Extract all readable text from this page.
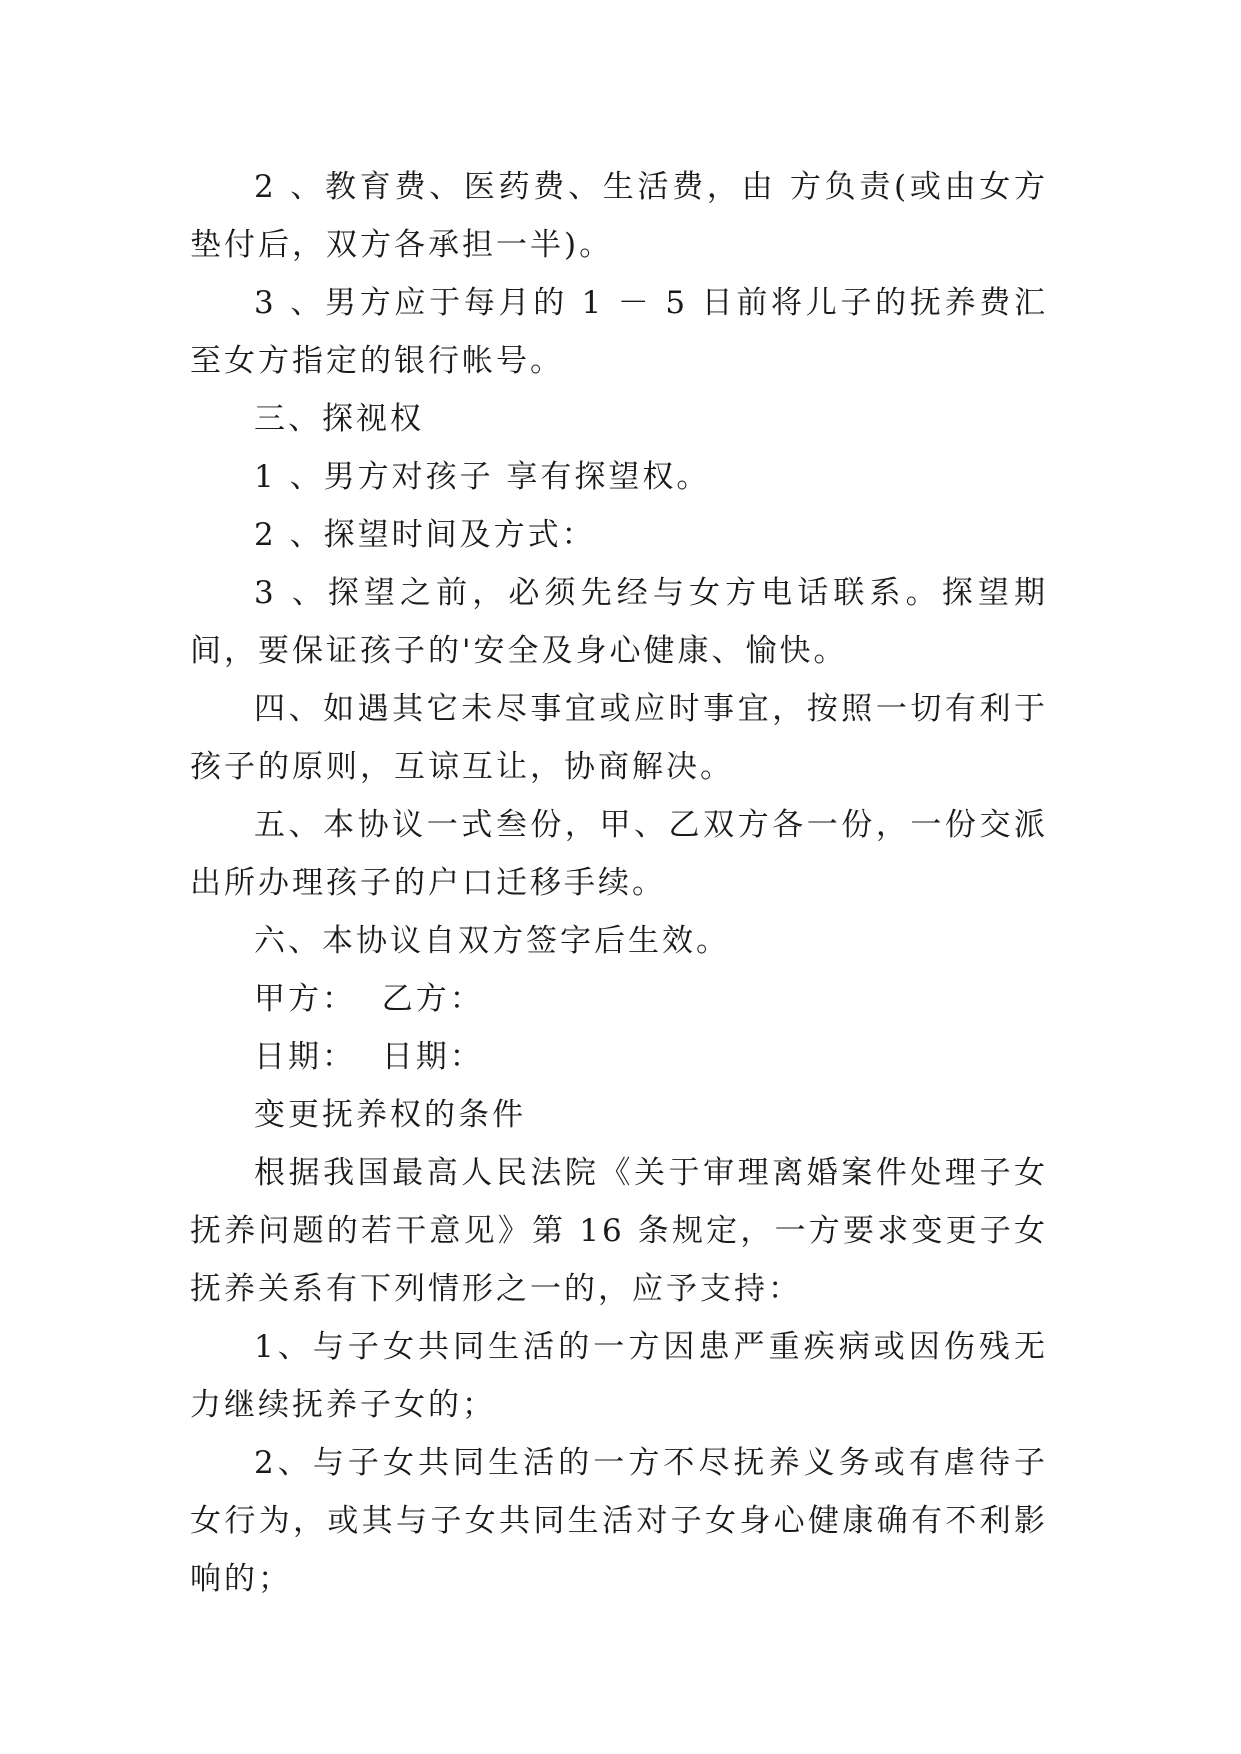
2 、教育费、医药费、生活费，由 方负责(或由女方垫付后，双方各承担一半)。

3 、男方应于每月的 1 － 5 日前将儿子的抚养费汇至女方指定的银行帐号。

三、探视权

1 、男方对孩子 享有探望权。

2 、探望时间及方式：

3 、探望之前，必须先经与女方电话联系。探望期间，要保证孩子的'安全及身心健康、愉快。

四、如遇其它未尽事宜或应时事宜，按照一切有利于孩子的原则，互谅互让，协商解决。

五、本协议一式叁份，甲、乙双方各一份，一份交派出所办理孩子的户口迁移手续。

六、本协议自双方签字后生效。

甲方：  乙方：

日期：  日期：

变更抚养权的条件

根据我国最高人民法院《关于审理离婚案件处理子女抚养问题的若干意见》第 16 条规定，一方要求变更子女抚养关系有下列情形之一的，应予支持：

1、与子女共同生活的一方因患严重疾病或因伤残无力继续抚养子女的；

2、与子女共同生活的一方不尽抚养义务或有虐待子女行为，或其与子女共同生活对子女身心健康确有不利影响的；
